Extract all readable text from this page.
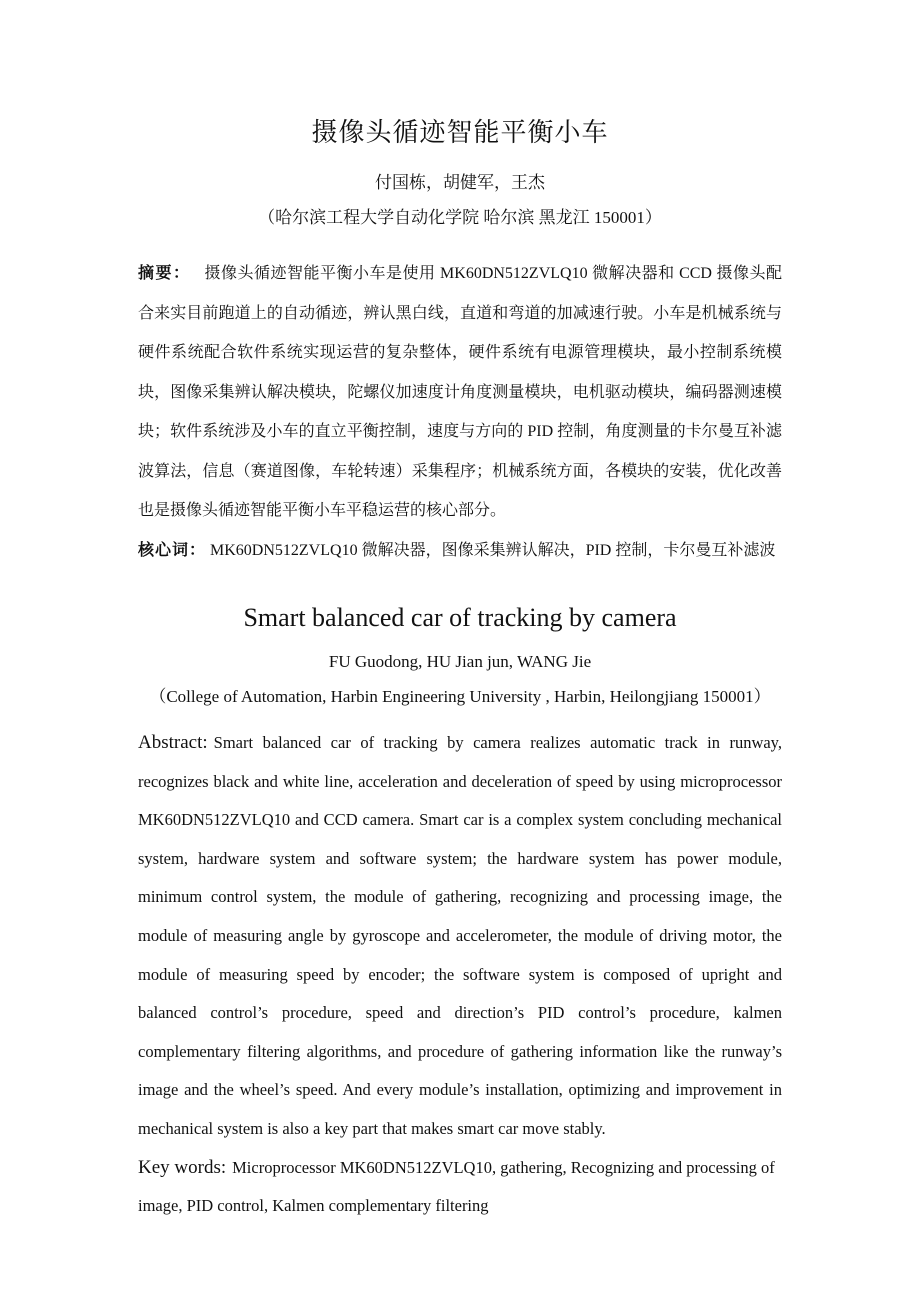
摄像头循迹智能平衡小车
付国栋，胡健军，王杰
（哈尔滨工程大学自动化学院 哈尔滨 黑龙江 150001）

摘要： 摄像头循迹智能平衡小车是使用 MK60DN512ZVLQ10 微解决器和 CCD 摄像头配合来实目前跑道上的自动循迹，辨认黑白线，直道和弯道的加减速行驶。小车是机械系统与硬件系统配合软件系统实现运营的复杂整体，硬件系统有电源管理模块，最小控制系统模块，图像采集辨认解决模块，陀螺仪加速度计角度测量模块，电机驱动模块，编码器测速模块；软件系统涉及小车的直立平衡控制，速度与方向的 PID 控制，角度测量的卡尔曼互补滤波算法，信息（赛道图像，车轮转速）采集程序；机械系统方面，各模块的安装，优化改善也是摄像头循迹智能平衡小车平稳运营的核心部分。

核心词： MK60DN512ZVLQ10 微解决器，图像采集辨认解决，PID 控制，卡尔曼互补滤波

Smart balanced car of tracking by camera
FU Guodong, HU Jian jun, WANG Jie
（College of Automation, Harbin Engineering University , Harbin, Heilongjiang 150001）

Abstract: Smart balanced car of tracking by camera realizes automatic track in runway, recognizes black and white line, acceleration and deceleration of speed by using microprocessor MK60DN512ZVLQ10 and CCD camera. Smart car is a complex system concluding mechanical system, hardware system and software system; the hardware system has power module, minimum control system, the module of gathering, recognizing and processing image, the module of measuring angle by gyroscope and accelerometer, the module of driving motor, the module of measuring speed by encoder; the software system is composed of upright and balanced control’s procedure, speed and direction’s PID control’s procedure, kalmen complementary filtering algorithms, and procedure of gathering information like the runway’s image and the wheel’s speed. And every module’s installation, optimizing and improvement in mechanical system is also a key part that makes smart car move stably.

Key words: Microprocessor MK60DN512ZVLQ10, gathering, Recognizing and processing of image, PID control, Kalmen complementary filtering
